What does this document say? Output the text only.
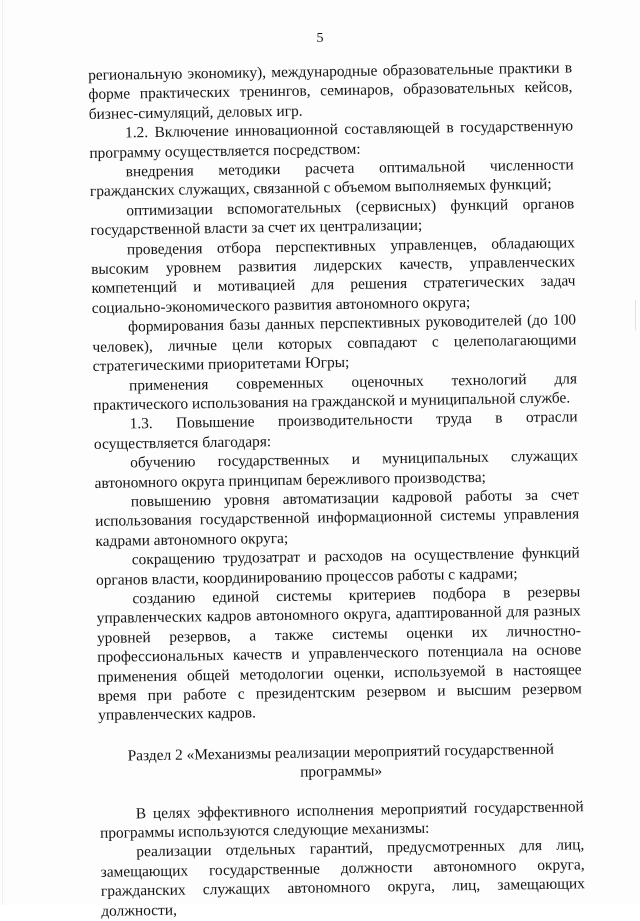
5

региональную экономику), международные образовательные практики в форме практических тренингов, семинаров, образовательных кейсов, бизнес-симуляций, деловых игр.

1.2. Включение инновационной составляющей в государственную программу осуществляется посредством:

внедрения методики расчета оптимальной численности гражданских служащих, связанной с объемом выполняемых функций;

оптимизации вспомогательных (сервисных) функций органов государственной власти за счет их централизации;

проведения отбора перспективных управленцев, обладающих высоким уровнем развития лидерских качеств, управленческих компетенций и мотивацией для решения стратегических задач социально-экономического развития автономного округа;

формирования базы данных перспективных руководителей (до 100 человек), личные цели которых совпадают с целеполагающими стратегическими приоритетами Югры;

применения современных оценочных технологий для практического использования на гражданской и муниципальной службе.

1.3. Повышение производительности труда в отрасли осуществляется благодаря:

обучению государственных и муниципальных служащих автономного округа принципам бережливого производства;

повышению уровня автоматизации кадровой работы за счет использования государственной информационной системы управления кадрами автономного округа;

сокращению трудозатрат и расходов на осуществление функций органов власти, координированию процессов работы с кадрами;

созданию единой системы критериев подбора в резервы управленческих кадров автономного округа, адаптированной для разных уровней резервов, а также системы оценки их личностно-профессиональных качеств и управленческого потенциала на основе применения общей методологии оценки, используемой в настоящее время при работе с президентским резервом и высшим резервом управленческих кадров.

Раздел 2 «Механизмы реализации мероприятий государственной программы»

В целях эффективного исполнения мероприятий государственной программы используются следующие механизмы:

реализации отдельных гарантий, предусмотренных для лиц, замещающих государственные должности автономного округа, гражданских служащих автономного округа, лиц, замещающих должности,
